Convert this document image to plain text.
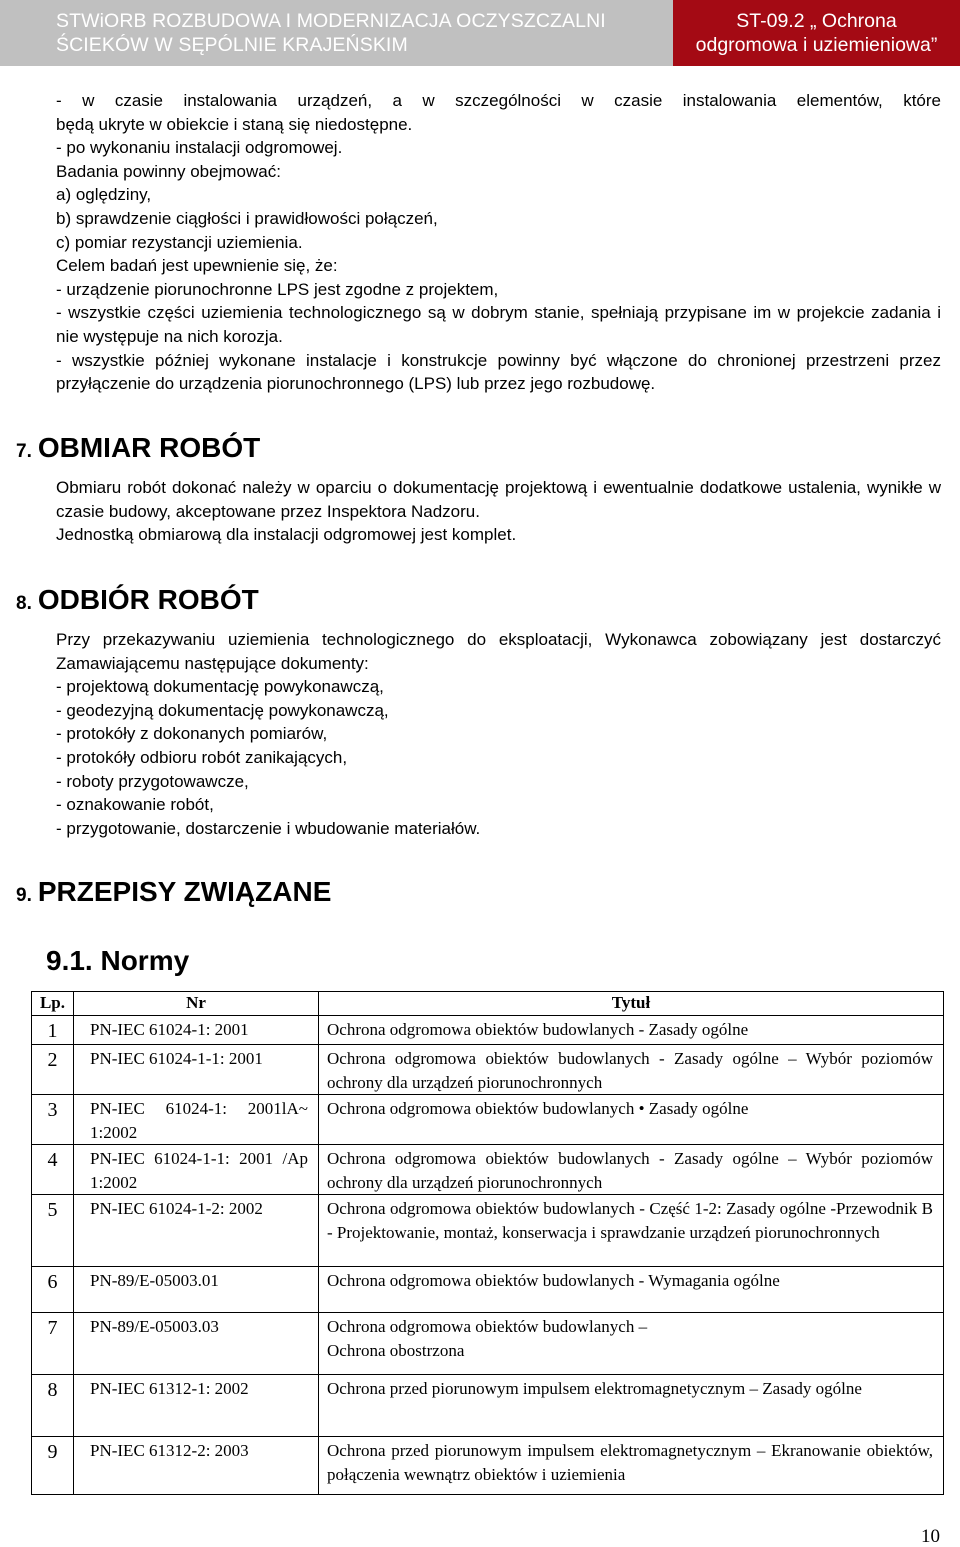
STWiORB ROZBUDOWA I MODERNIZACJA OCZYSZCZALNI
ŚCIEKÓW W SĘPÓLNIE KRAJEŃSKIM
ST-09.2 „ Ochrona
odgromowa i uziemieniowa”

- w czasie instalowania urządzeń, a w szczególności w czasie instalowania elementów, które

będą ukryte w obiekcie i staną się niedostępne.

- po wykonaniu instalacji odgromowej.

Badania powinny obejmować:

a) oględziny,

b) sprawdzenie ciągłości i prawidłowości połączeń,

c) pomiar rezystancji uziemienia.

Celem badań jest upewnienie się, że:

- urządzenie piorunochronne LPS jest zgodne z projektem,

- wszystkie części uziemienia technologicznego są w dobrym stanie, spełniają przypisane im w projekcie zadania i nie występuje na nich korozja.

- wszystkie później wykonane instalacje i konstrukcje powinny być włączone do chronionej przestrzeni przez przyłączenie do urządzenia piorunochronnego (LPS) lub przez jego rozbudowę.

7. OBMIAR ROBÓT

Obmiaru robót dokonać należy w oparciu o dokumentację projektową i ewentualnie dodatkowe ustalenia, wynikłe w czasie budowy, akceptowane przez Inspektora Nadzoru.

Jednostką obmiarową dla instalacji odgromowej jest komplet.

8. ODBIÓR ROBÓT

Przy przekazywaniu uziemienia technologicznego do eksploatacji, Wykonawca zobowiązany jest dostarczyć Zamawiającemu następujące dokumenty:

- projektową dokumentację powykonawczą,

- geodezyjną dokumentację powykonawczą,

- protokóły z dokonanych pomiarów,

- protokóły odbioru robót zanikających,

- roboty przygotowawcze,

- oznakowanie robót,

- przygotowanie, dostarczenie i wbudowanie materiałów.

9. PRZEPISY ZWIĄZANE
9.1. Normy
Lp.	Nr	Tytuł
1	PN-IEC 61024-1: 2001	Ochrona odgromowa obiektów budowlanych - Zasady ogólne
2	PN-IEC 61024-1-1: 2001	Ochrona odgromowa obiektów budowlanych - Zasady ogólne – Wybór poziomów ochrony dla urządzeń piorunochronnych
3	PN-IEC 61024-1: 2001lA~ 1:2002	Ochrona odgromowa obiektów budowlanych • Zasady ogólne
4	PN-IEC 61024-1-1: 2001 /Ap 1:2002	Ochrona odgromowa obiektów budowlanych - Zasady ogólne – Wybór poziomów ochrony dla urządzeń piorunochronnych
5	PN-IEC 61024-1-2: 2002	Ochrona odgromowa obiektów budowlanych - Część 1-2: Zasady ogólne -Przewodnik B - Projektowanie, montaż, konserwacja i sprawdzanie urządzeń piorunochronnych
6	PN-89/E-05003.01	Ochrona odgromowa obiektów budowlanych - Wymagania ogólne
7	PN-89/E-05003.03	Ochrona odgromowa obiektów budowlanych –
Ochrona obostrzona

8	PN-IEC 61312-1: 2002	Ochrona przed piorunowym impulsem elektromagnetycznym – Zasady ogólne
9	PN-IEC 61312-2: 2003	Ochrona przed piorunowym impulsem elektromagnetycznym – Ekranowanie obiektów, połączenia wewnątrz obiektów i uziemienia
10
